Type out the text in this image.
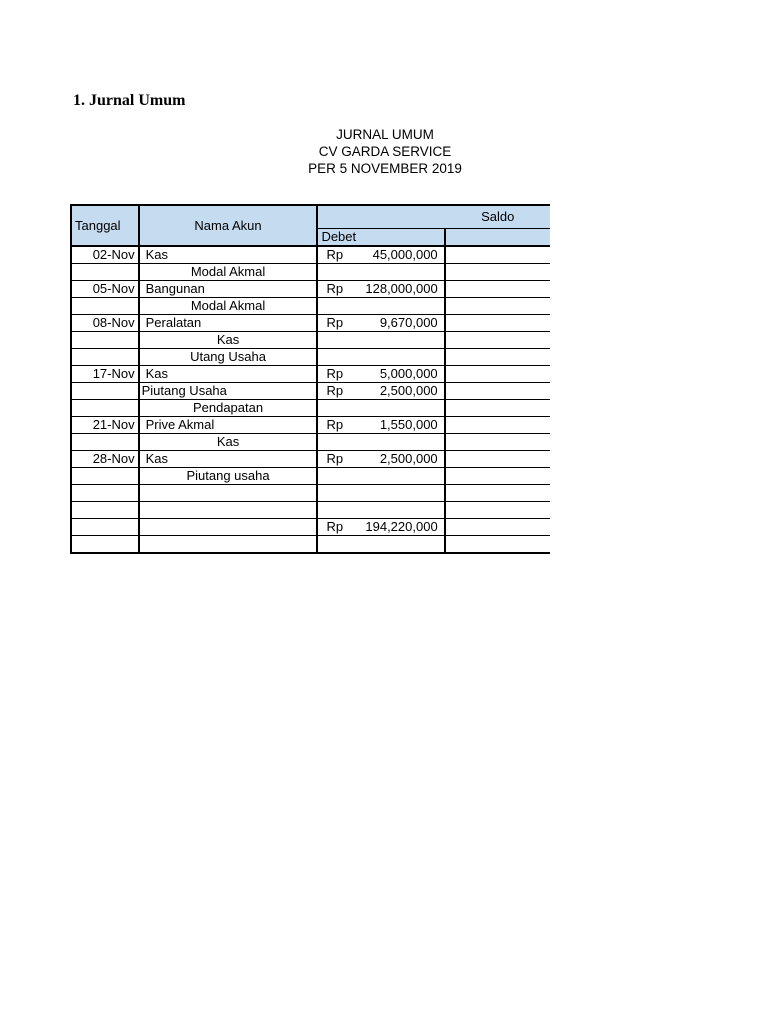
1. Jurnal Umum
JURNAL UMUM
CV GARDA SERVICE
PER 5 NOVEMBER 2019
Tanggal	Nama Akun	Saldo	
		Debet	
02-Nov	Kas	Rp 45,000,000	

	Modal Akmal	

05-Nov	Bangunan	Rp 128,000,000	

	Modal Akmal	

08-Nov	Peralatan	Rp 9,670,000	

	Kas	

	Utang Usaha	

17-Nov	Kas	Rp 5,000,000	

	Piutang Usaha	Rp 2,500,000	

	Pendapatan	

21-Nov	Prive Akmal	Rp 1,550,000	

	Kas	

28-Nov	Kas	Rp 2,500,000	

	Piutang usaha	

		Rp 194,220,000	
